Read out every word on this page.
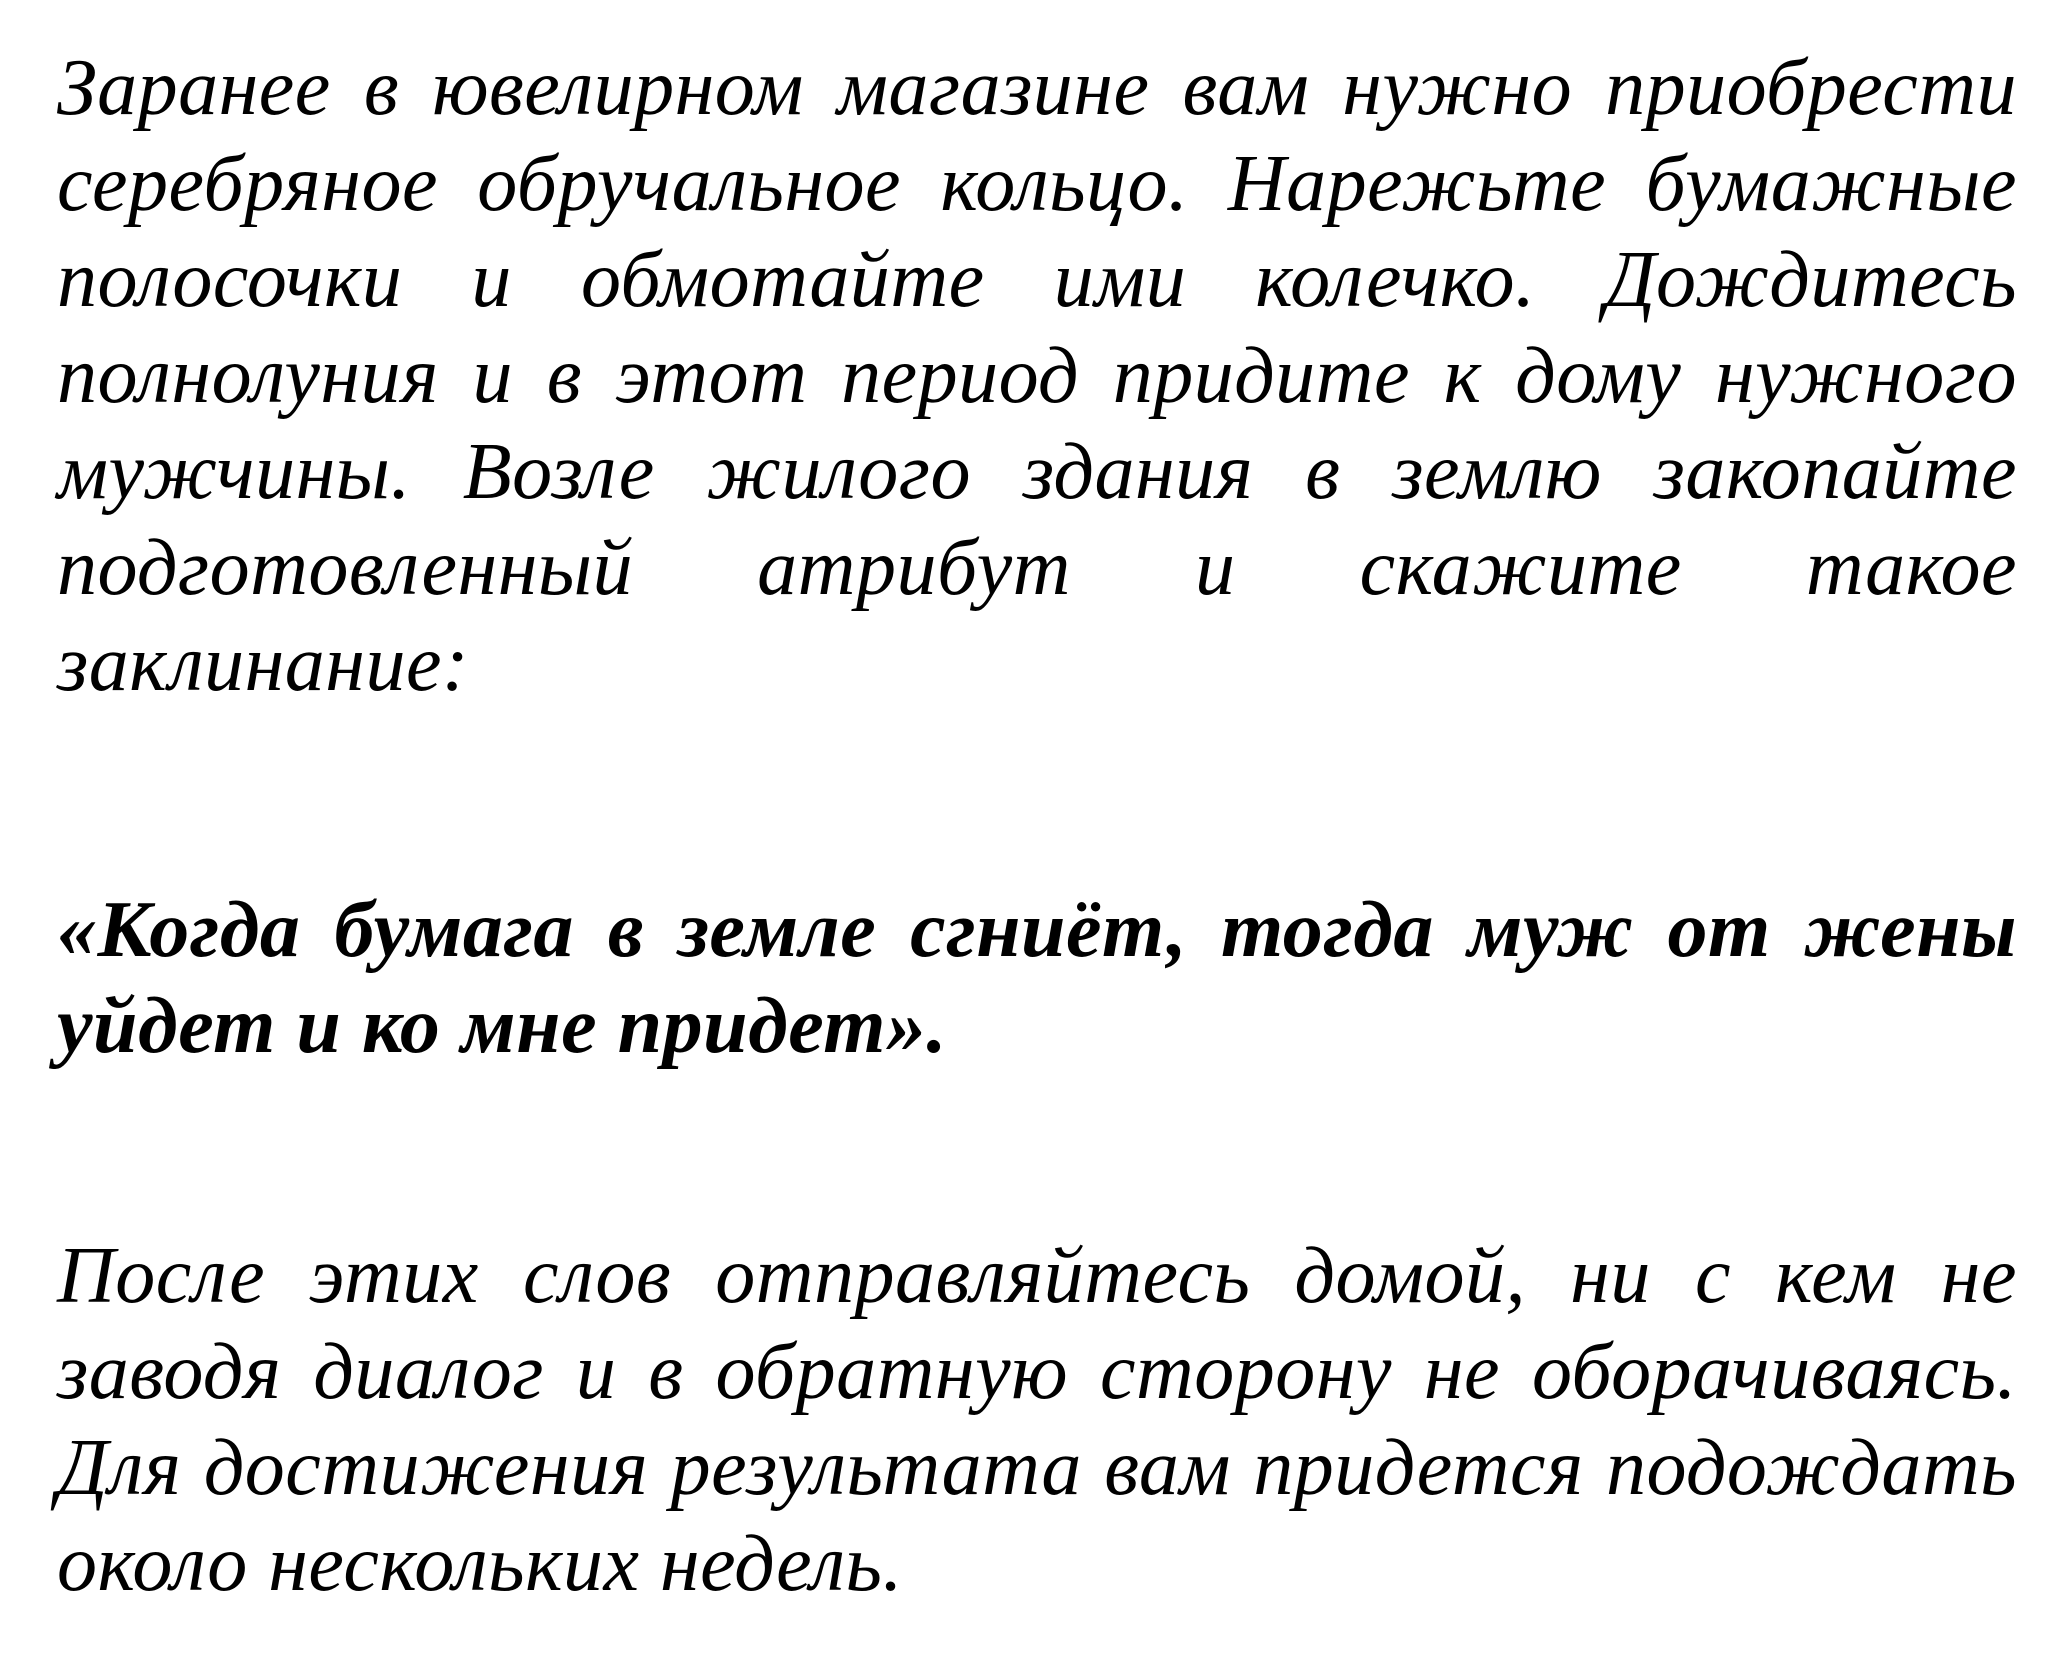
Заранее в ювелирном магазине вам нужно приобрести серебряное обручальное кольцо. Нарежьте бумажные полосочки и обмотайте ими колечко. Дождитесь полнолуния и в этот период придите к дому нужного мужчины. Возле жилого здания в землю закопайте подготовленный атрибут и скажите такое заклинание:

«Когда бумага в земле сгниёт, тогда муж от жены уйдет и ко мне придет».

После этих слов отправляйтесь домой, ни с кем не заводя диалог и в обратную сторону не оборачиваясь. Для достижения результата вам придется подождать около нескольких недель.
